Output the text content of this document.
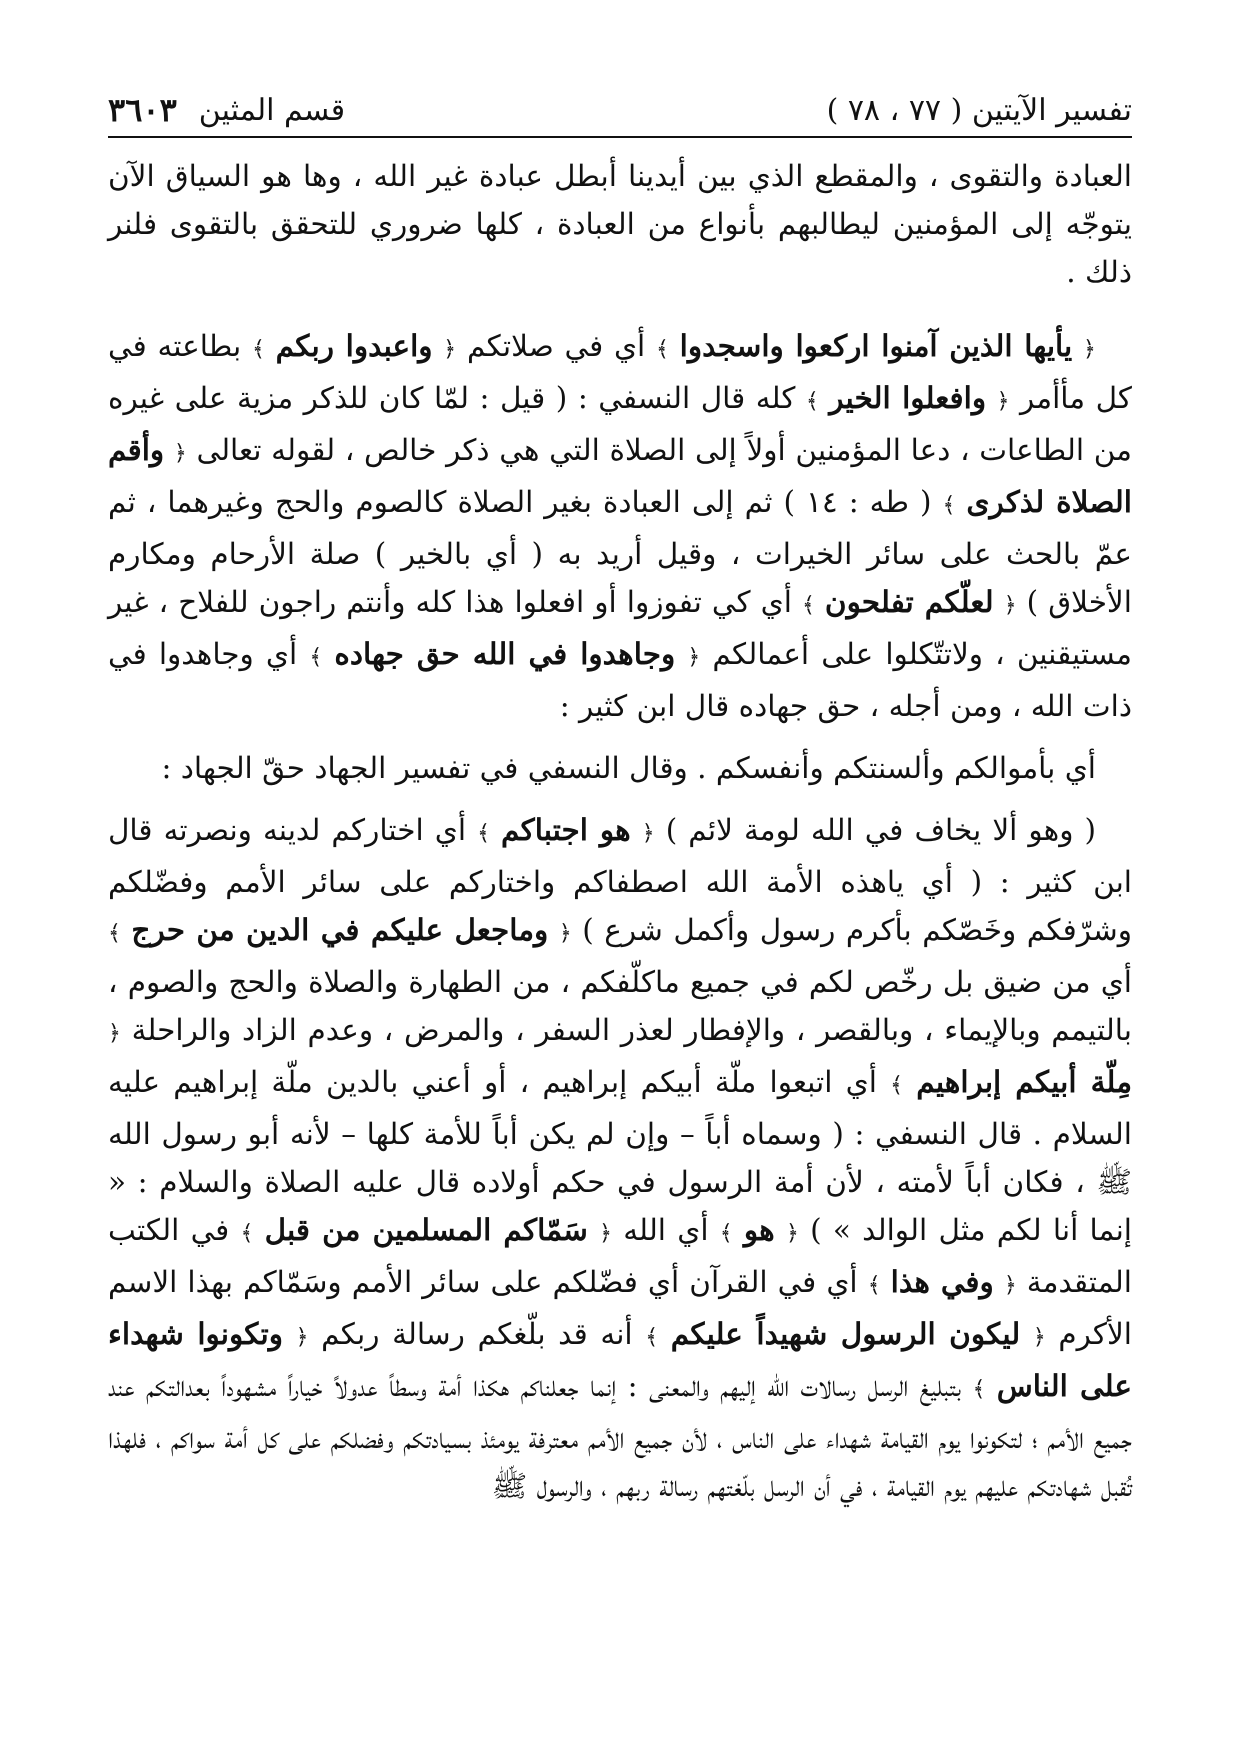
تفسير الآيتين ( ٧٧ ، ٧٨ )
قسم المثين
٣٦٠٣

العبادة والتقوى ، والمقطع الذي بين أيدينا أبطل عبادة غير الله ، وها هو السياق الآن يتوجّه إلى المؤمنين ليطالبهم بأنواع من العبادة ، كلها ضروري للتحقق بالتقوى فلنر ذلك .

﴿ يأيها الذين آمنوا اركعوا واسجدوا ﴾ أي في صلاتكم ﴿ واعبدوا ربكم ﴾ بطاعته في كل مأأمر ﴿ وافعلوا الخير ﴾ كله قال النسفي : ( قيل : لمّا كان للذكر مزية على غيره من الطاعات ، دعا المؤمنين أولاً إلى الصلاة التي هي ذكر خالص ، لقوله تعالى ﴿ وأقم الصلاة لذكرى ﴾ ( طه : ١٤ ) ثم إلى العبادة بغير الصلاة كالصوم والحج وغيرهما ، ثم عمّ بالحث على سائر الخيرات ، وقيل أريد به ( أي بالخير ) صلة الأرحام ومكارم الأخلاق ) ﴿ لعلّكم تفلحون ﴾ أي كي تفوزوا أو افعلوا هذا كله وأنتم راجون للفلاح ، غير مستيقنين ، ولاتتّكلوا على أعمالكم ﴿ وجاهدوا في الله حق جهاده ﴾ أي وجاهدوا في ذات الله ، ومن أجله ، حق جهاده قال ابن كثير :

أي بأموالكم وألسنتكم وأنفسكم . وقال النسفي في تفسير الجهاد حقّ الجهاد :

( وهو ألا يخاف في الله لومة لائم ) ﴿ هو اجتباكم ﴾ أي اختاركم لدينه ونصرته قال ابن كثير : ( أي ياهذه الأمة الله اصطفاكم واختاركم على سائر الأمم وفضّلكم وشرّفكم وخَصّكم بأكرم رسول وأكمل شرع ) ﴿ وماجعل عليكم في الدين من حرج ﴾ أي من ضيق بل رخّص لكم في جميع ماكلّفكم ، من الطهارة والصلاة والحج والصوم ، بالتيمم وبالإيماء ، وبالقصر ، والإفطار لعذر السفر ، والمرض ، وعدم الزاد والراحلة ﴿ مِلّة أبيكم إبراهيم ﴾ أي اتبعوا ملّة أبيكم إبراهيم ، أو أعني بالدين ملّة إبراهيم عليه السلام . قال النسفي : ( وسماه أباً – وإن لم يكن أباً للأمة كلها – لأنه أبو رسول الله ﷺ ، فكان أباً لأمته ، لأن أمة الرسول في حكم أولاده قال عليه الصلاة والسلام : « إنما أنا لكم مثل الوالد » ) ﴿ هو ﴾ أي الله ﴿ سَمّاكم المسلمين من قبل ﴾ في الكتب المتقدمة ﴿ وفي هذا ﴾ أي في القرآن أي فضّلكم على سائر الأمم وسَمّاكم بهذا الاسم الأكرم ﴿ ليكون الرسول شهيداً عليكم ﴾ أنه قد بلّغكم رسالة ربكم ﴿ وتكونوا شهداء على الناس ﴾ بتبليغ الرسل رسالات الله إليهم والمعنى : إنما جعلناكم هكذا أمة وسطاً عدولاً خياراً مشهوداً بعدالتكم عند جميع الأمم ؛ لتكونوا يوم القيامة شهداء على الناس ، لأن جميع الأمم معترفة يومئذ بسيادتكم وفضلكم على كل أمة سواكم ، فلهذا تُقبل شهادتكم عليهم يوم القيامة ، في أن الرسل بلّغتهم رسالة ربهم ، والرسول ﷺ
